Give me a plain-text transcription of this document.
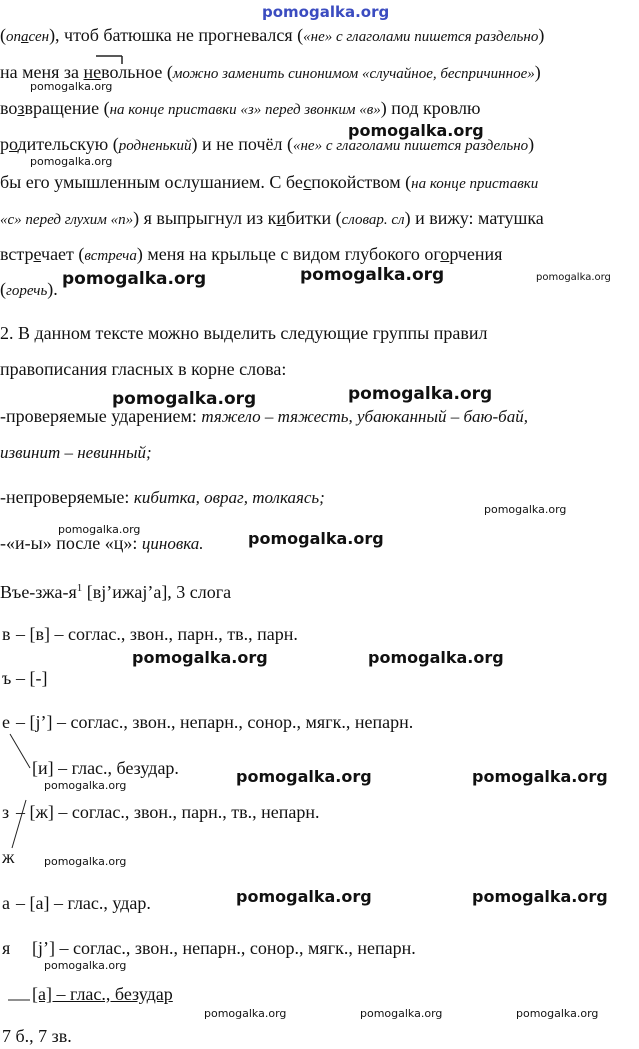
pomogalka.org
pomogalka.org
pomogalka.org
pomogalka.org
pomogalka.org	pomogalka.org	pomogalka.org
pomogalka.org	pomogalka.org
pomogalka.org
pomogalka.org	pomogalka.org
pomogalka.org	pomogalka.org
pomogalka.org	pomogalka.org
pomogalka.org
pomogalka.org
pomogalka.org	pomogalka.org
pomogalka.org
pomogalka.org	pomogalka.org	pomogalka.org
(опасен), чтоб батюшка не прогневался («не» с глаголами пишется раздельно)
на меня за невольное (можно заменить синонимом «случайное, беспричинное»)
возвращение (на конце приставки «з» перед звонким «в») под кровлю
родительскую (родненький) и не почёл («не» с глаголами пишется раздельно)
бы его умышленным ослушанием. С беспокойством (на конце приставки
«с» перед глухим «п») я выпрыгнул из кибитки (словар. сл) и вижу: матушка
встречает (встреча) меня на крыльце с видом глубокого огорчения
(горечь).
2. В данном тексте можно выделить следующие группы правил
правописания гласных в корне слова:
-проверяемые ударением: тяжело – тяжесть, убаюканный – баю-бай,
извинит – невинный;
-непроверяемые: кибитка, овраг, толкаясь;
-«и-ы» после «ц»: циновка.
Въе-$зжа-я^1$ [вj’ижаj’а], 3 слога
в – [в] – соглас., звон., парн., тв., парн.
ъ – [-]
е – [j’] – соглас., звон., непарн., сонор., мягк., непарн.
[и] – глас., безудар.
з – [ж] – соглас., звон., парн., тв., непарн.
ж
а – [а] – глас., удар.
я [j’] – соглас., звон., непарн., сонор., мягк., непарн.
[а] – глас., безудар
7 б., 7 зв.
